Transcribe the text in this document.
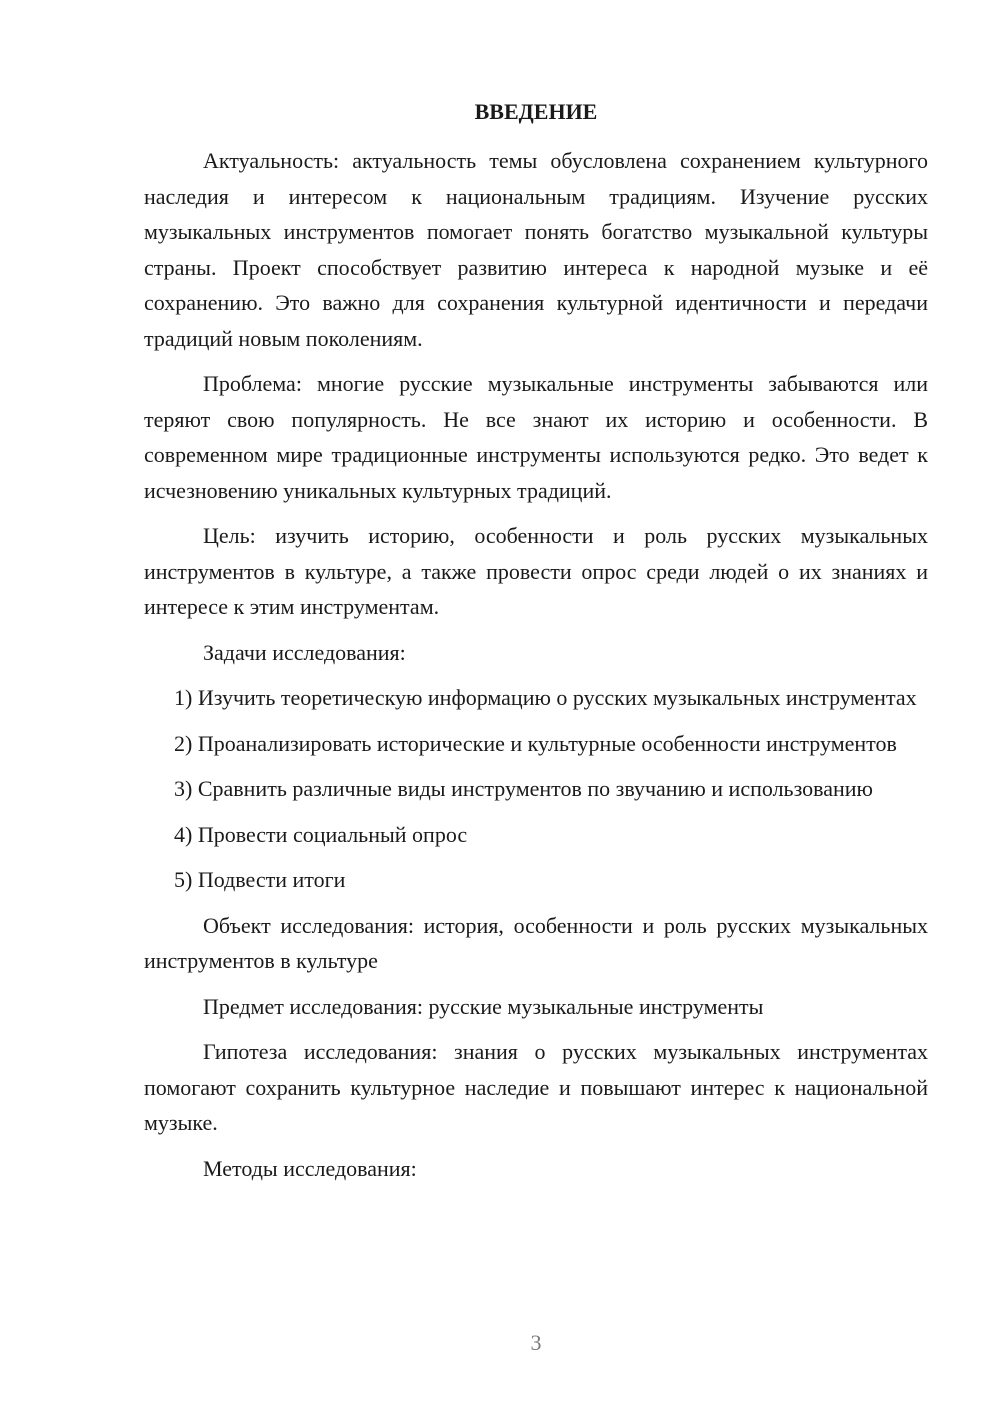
ВВЕДЕНИЕ

Актуальность: актуальность темы обусловлена сохранением культурного наследия и интересом к национальным традициям. Изучение русских музыкальных инструментов помогает понять богатство музыкальной культуры страны. Проект способствует развитию интереса к народной музыке и её сохранению. Это важно для сохранения культурной идентичности и передачи традиций новым поколениям.

Проблема: многие русские музыкальные инструменты забываются или теряют свою популярность. Не все знают их историю и особенности. В современном мире традиционные инструменты используются редко. Это ведет к исчезновению уникальных культурных традиций.

Цель: изучить историю, особенности и роль русских музыкальных инструментов в культуре, а также провести опрос среди людей о их знаниях и интересе к этим инструментам.

Задачи исследования:

1) Изучить теоретическую информацию о русских музыкальных инструментах

2) Проанализировать исторические и культурные особенности инструментов

3) Сравнить различные виды инструментов по звучанию и использованию

4) Провести социальный опрос

5) Подвести итоги

Объект исследования: история, особенности и роль русских музыкальных инструментов в культуре

Предмет исследования: русские музыкальные инструменты

Гипотеза исследования: знания о русских музыкальных инструментах помогают сохранить культурное наследие и повышают интерес к национальной музыке.

Методы исследования:

3
